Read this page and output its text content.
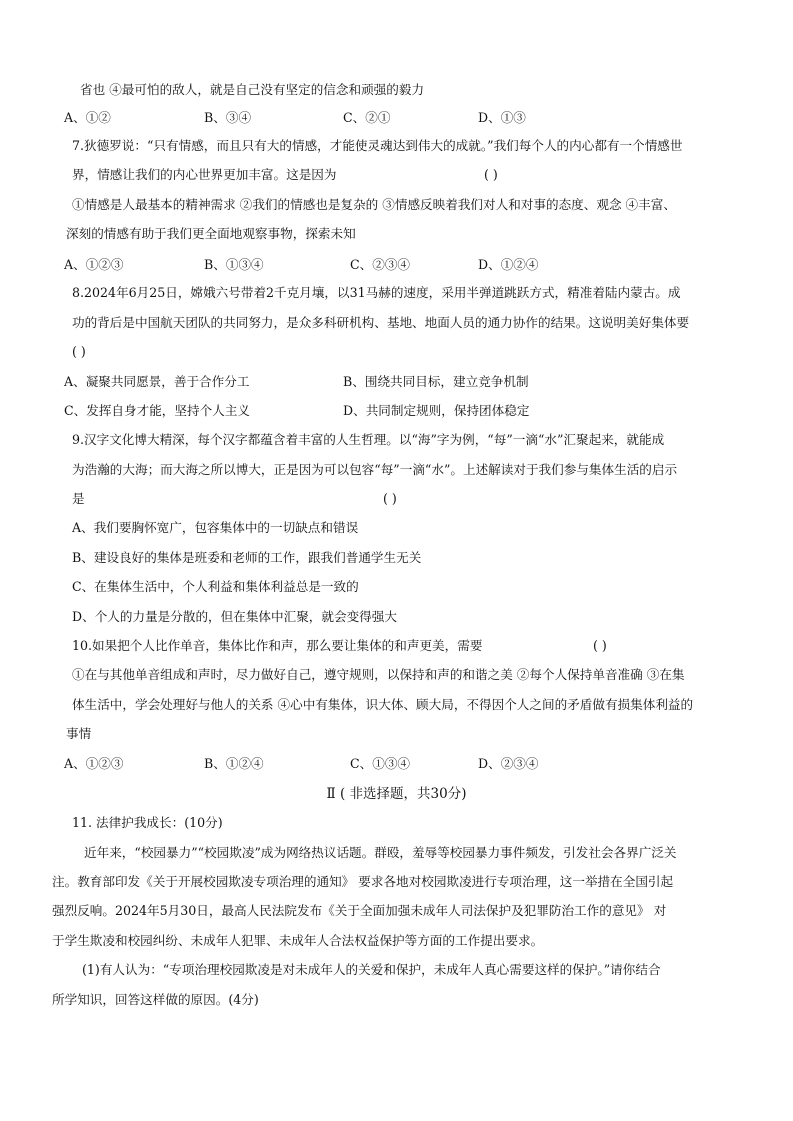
省也 ④最可怕的敌人，就是自己没有坚定的信念和顽强的毅力
A、①②	B、③④	C、②①	D、①③
7.狄德罗说：“只有情感，而且只有大的情感，才能使灵魂达到伟大的成就。”我们每个人的内心都有一个情感世
界，情感让我们的内心世界更加丰富。这是因为	( )
①情感是人最基本的精神需求 ②我们的情感也是复杂的 ③情感反映着我们对人和对事的态度、观念 ④丰富、
深刻的情感有助于我们更全面地观察事物，探索未知
A、①②③	B、①③④	C、②③④	D、①②④
8.2024年6月25日，嫦娥六号带着2千克月壤，以31马赫的速度，采用半弹道跳跃方式，精准着陆内蒙古。成
功的背后是中国航天团队的共同努力，是众多科研机构、基地、地面人员的通力协作的结果。这说明美好集体要
( )
A、凝聚共同愿景，善于合作分工	B、围绕共同目标，建立竞争机制
C、发挥自身才能，坚持个人主义	D、共同制定规则，保持团体稳定
9.汉字文化博大精深，每个汉字都蕴含着丰富的人生哲理。以“海”字为例，“每”一滴“水”汇聚起来，就能成
为浩瀚的大海；而大海之所以博大，正是因为可以包容“每”一滴“水”。上述解读对于我们参与集体生活的启示
是	( )
A、我们要胸怀宽广，包容集体中的一切缺点和错误
B、建设良好的集体是班委和老师的工作，跟我们普通学生无关
C、在集体生活中，个人利益和集体利益总是一致的
D、个人的力量是分散的，但在集体中汇聚，就会变得强大
10.如果把个人比作单音，集体比作和声，那么要让集体的和声更美，需要	( )
①在与其他单音组成和声时，尽力做好自己，遵守规则，以保持和声的和谐之美 ②每个人保持单音准确 ③在集
体生活中，学会处理好与他人的关系 ④心中有集体，识大体、顾大局，不得因个人之间的矛盾做有损集体利益的
事情
A、①②③	B、①②④	C、①③④	D、②③④
Ⅱ ( 非选择题，共30分)
11. 法律护我成长：(10分)
近年来，“校园暴力”“校园欺凌”成为网络热议话题。群殴，羞辱等校园暴力事件频发，引发社会各界广泛关
注。教育部印发《关于开展校园欺凌专项治理的通知》 要求各地对校园欺凌进行专项治理，这一举措在全国引起
强烈反响。2024年5月30日，最高人民法院发布《关于全面加强未成年人司法保护及犯罪防治工作的意见》 对
于学生欺凌和校园纠纷、未成年人犯罪、未成年人合法权益保护等方面的工作提出要求。
(1)有人认为：“专项治理校园欺凌是对未成年人的关爱和保护，未成年人真心需要这样的保护。”请你结合
所学知识，回答这样做的原因。(4分)
